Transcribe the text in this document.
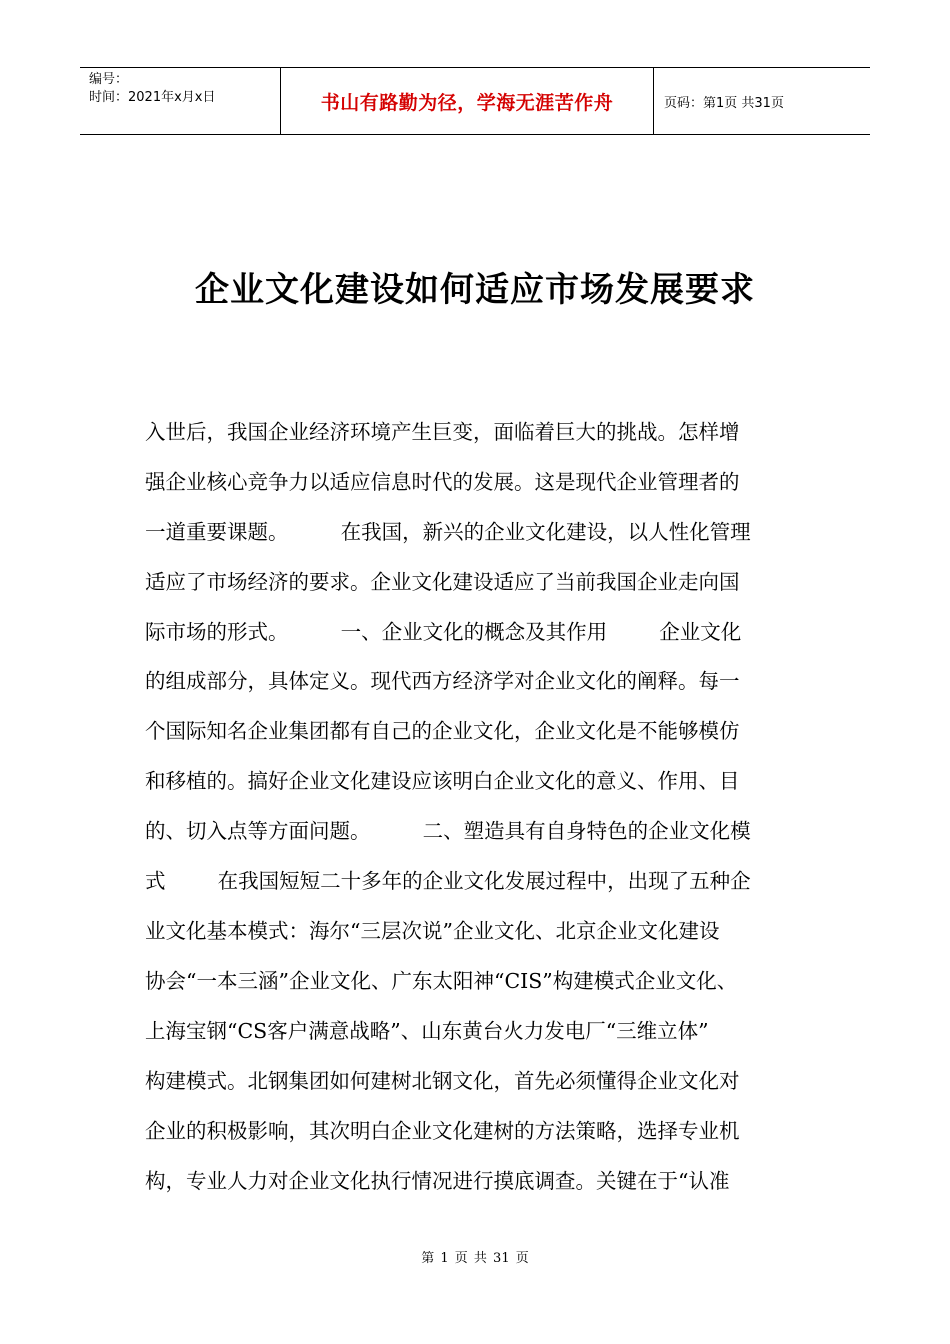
编号：
时间：2021年x月x日	书山有路勤为径，学海无涯苦作舟	页码：第1页 共31页
企业文化建设如何适应市场发展要求
入世后，我国企业经济环境产生巨变，面临着巨大的挑战。怎样增
强企业核心竞争力以适应信息时代的发展。这是现代企业管理者的
一道重要课题。        在我国，新兴的企业文化建设，以人性化管理
适应了市场经济的要求。企业文化建设适应了当前我国企业走向国
际市场的形式。        一、企业文化的概念及其作用        企业文化
的组成部分，具体定义。现代西方经济学对企业文化的阐释。每一
个国际知名企业集团都有自己的企业文化，企业文化是不能够模仿
和移植的。搞好企业文化建设应该明白企业文化的意义、作用、目
的、切入点等方面问题。        二、塑造具有自身特色的企业文化模
式        在我国短短二十多年的企业文化发展过程中，出现了五种企
业文化基本模式：海尔“三层次说”企业文化、北京企业文化建设
协会“一本三涵”企业文化、广东太阳神“CIS”构建模式企业文化、
上海宝钢“CS客户满意战略”、山东黄台火力发电厂“三维立体”
构建模式。北钢集团如何建树北钢文化，首先必须懂得企业文化对
企业的积极影响，其次明白企业文化建树的方法策略，选择专业机
构，专业人力对企业文化执行情况进行摸底调查。关键在于“认准
第 1 页 共 31 页
